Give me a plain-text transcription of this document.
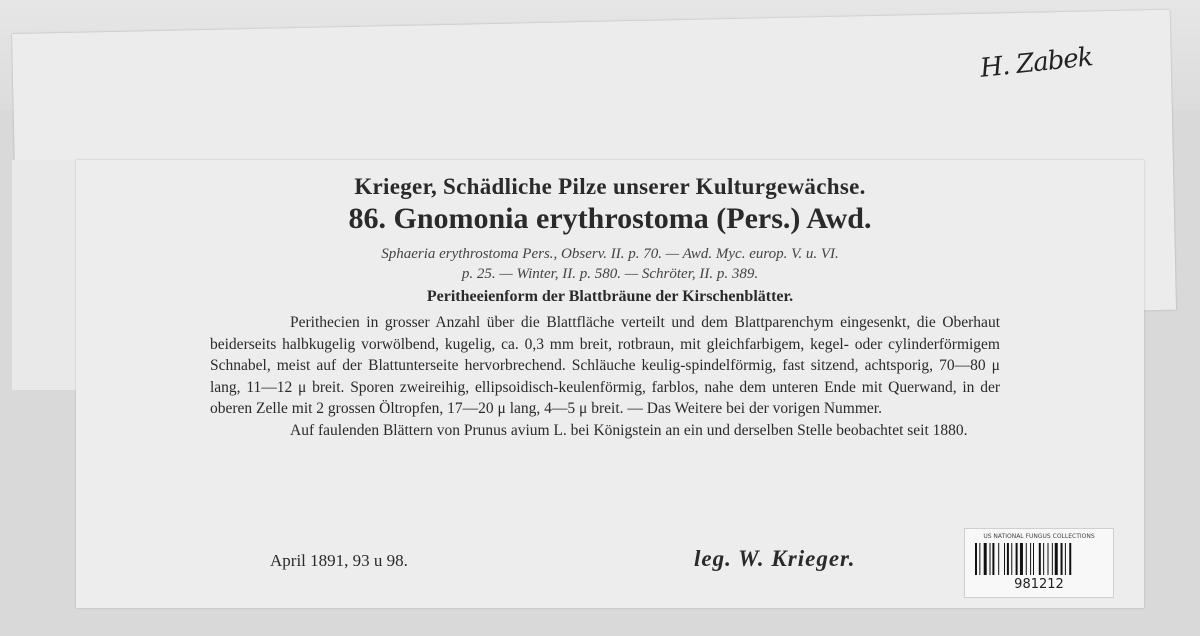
H. Zabek
Krieger, Schädliche Pilze unserer Kulturgewächse.
86. Gnomonia erythrostoma (Pers.) Awd.
Sphaeria erythrostoma Pers., Observ. II. p. 70. — Awd. Myc. europ. V. u. VI.
p. 25. — Winter, II. p. 580. — Schröter, II. p. 389.
Peritheeienform der Blattbräune der Kirschenblätter.

Perithecien in grosser Anzahl über die Blattfläche verteilt und dem Blattparenchym eingesenkt, die Oberhaut beiderseits halbkugelig vorwölbend, kugelig, ca. 0,3 mm breit, rotbraun, mit gleichfarbigem, kegel- oder cylinderförmigem Schnabel, meist auf der Blattunterseite hervorbrechend. Schläuche keulig-spindelförmig, fast sitzend, achtsporig, 70—80 μ lang, 11—12 μ breit. Sporen zweireihig, ellipsoidisch-keulenförmig, farblos, nahe dem unteren Ende mit Querwand, in der oberen Zelle mit 2 grossen Öltropfen, 17—20 μ lang, 4—5 μ breit. — Das Weitere bei der vorigen Nummer.

Auf faulenden Blättern von Prunus avium L. bei Königstein an ein und derselben Stelle beobachtet seit 1880.

April 1891, 93 u 98.	leg. W. Krieger.
US NATIONAL FUNGUS COLLECTIONS
981212
